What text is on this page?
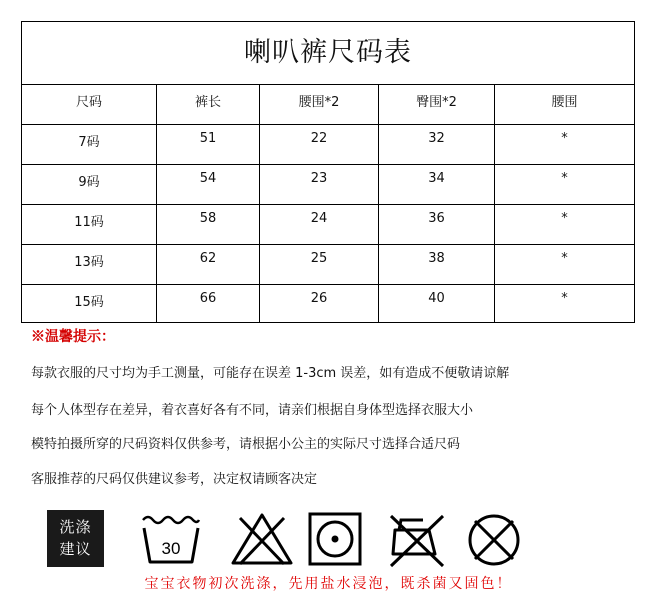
喇叭裤尺码表
尺码	裤长	腰围*2	臀围*2	腰围
7码	51	22	32	*
9码	54	23	34	*
11码	58	24	36	*
13码	62	25	38	*
15码	66	26	40	*
※温馨提示：
每款衣服的尺寸均为手工测量，可能存在误差 1-3cm 误差，如有造成不便敬请谅解
每个人体型存在差异，着衣喜好各有不同，请亲们根据自身体型选择衣服大小
模特拍摄所穿的尺码资料仅供参考，请根据小公主的实际尺寸选择合适尺码
客服推荐的尺码仅供建议参考，决定权请顾客决定
洗涤
建议	30
宝宝衣物初次洗涤，先用盐水浸泡，既杀菌又固色！
